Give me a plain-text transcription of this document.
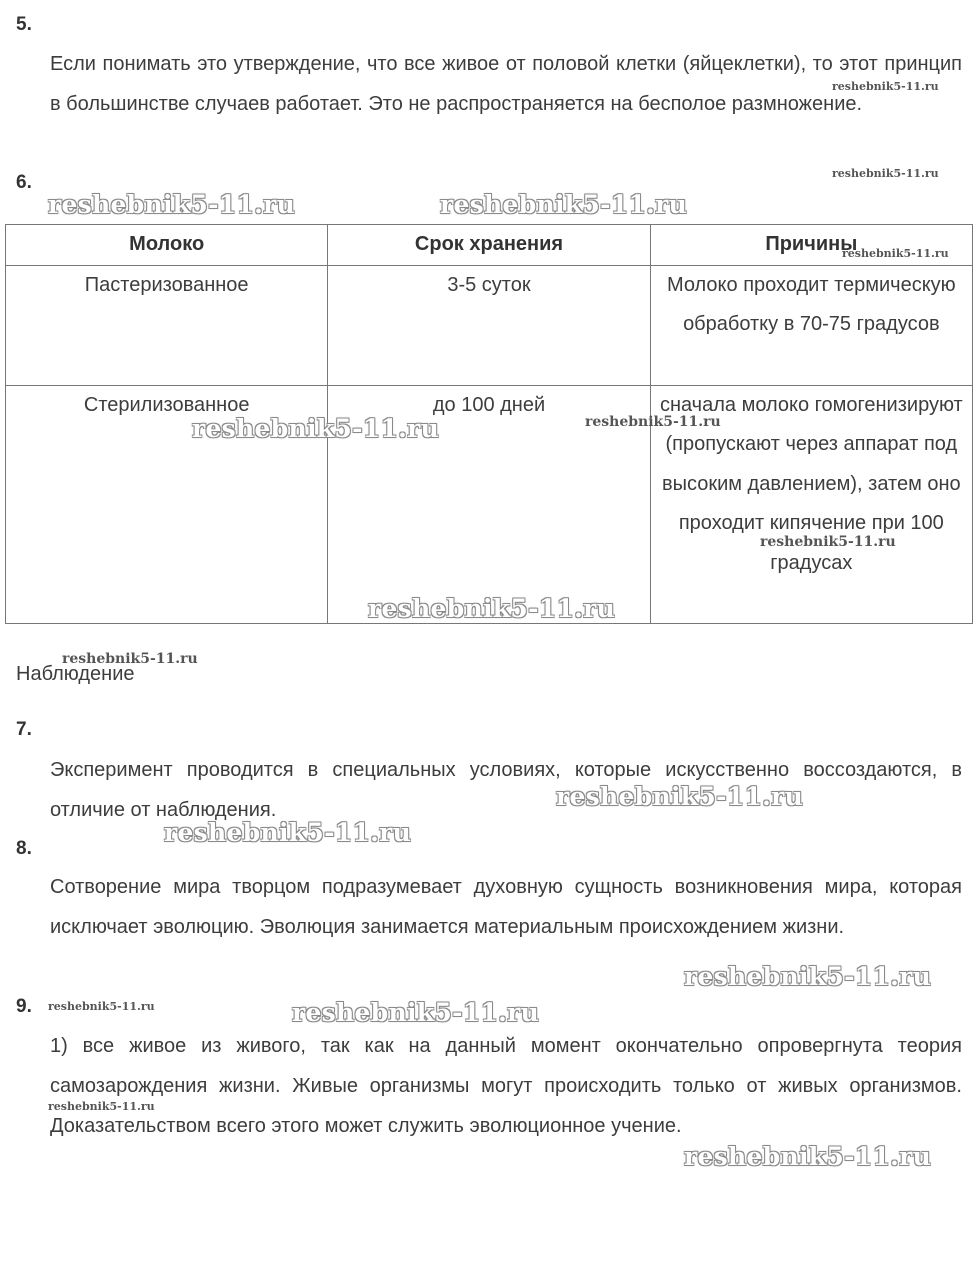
5.
Если понимать это утверждение, что все живое от половой клетки (яйцеклетки), то этот принцип в большинстве случаев работает. Это не распространяется на бесполое размножение.
6.
Молоко	Срок хранения	Причины
Пастеризованное	3-5 суток	Молоко проходит термическую обработку в 70-75 градусов
Стерилизованное	до 100 дней	сначала молоко гомогенизируют (пропускают через аппарат под высоким давлением), затем оно проходит кипячение при 100 градусах
Наблюдение
7.
Эксперимент проводится в специальных условиях, которые искусственно воссоздаются, в отличие от наблюдения.
8.
Сотворение мира творцом подразумевает духовную сущность возникновения мира, которая исключает эволюцию. Эволюция занимается материальным происхождением жизни.
9.
1) все живое из живого, так как на данный момент окончательно опровергнута теория самозарождения жизни. Живые организмы могут происходить только от живых организмов. Доказательством всего этого может служить эволюционное учение.
reshebnik5-11.ru
reshebnik5-11.ru
reshebnik5-11.ru	reshebnik5-11.ru
reshebnik5-11.ru
reshebnik5-11.ru	reshebnik5-11.ru
reshebnik5-11.ru
reshebnik5-11.ru
reshebnik5-11.ru
reshebnik5-11.ru
reshebnik5-11.ru
reshebnik5-11.ru
reshebnik5-11.ru	reshebnik5-11.ru
reshebnik5-11.ru
reshebnik5-11.ru
